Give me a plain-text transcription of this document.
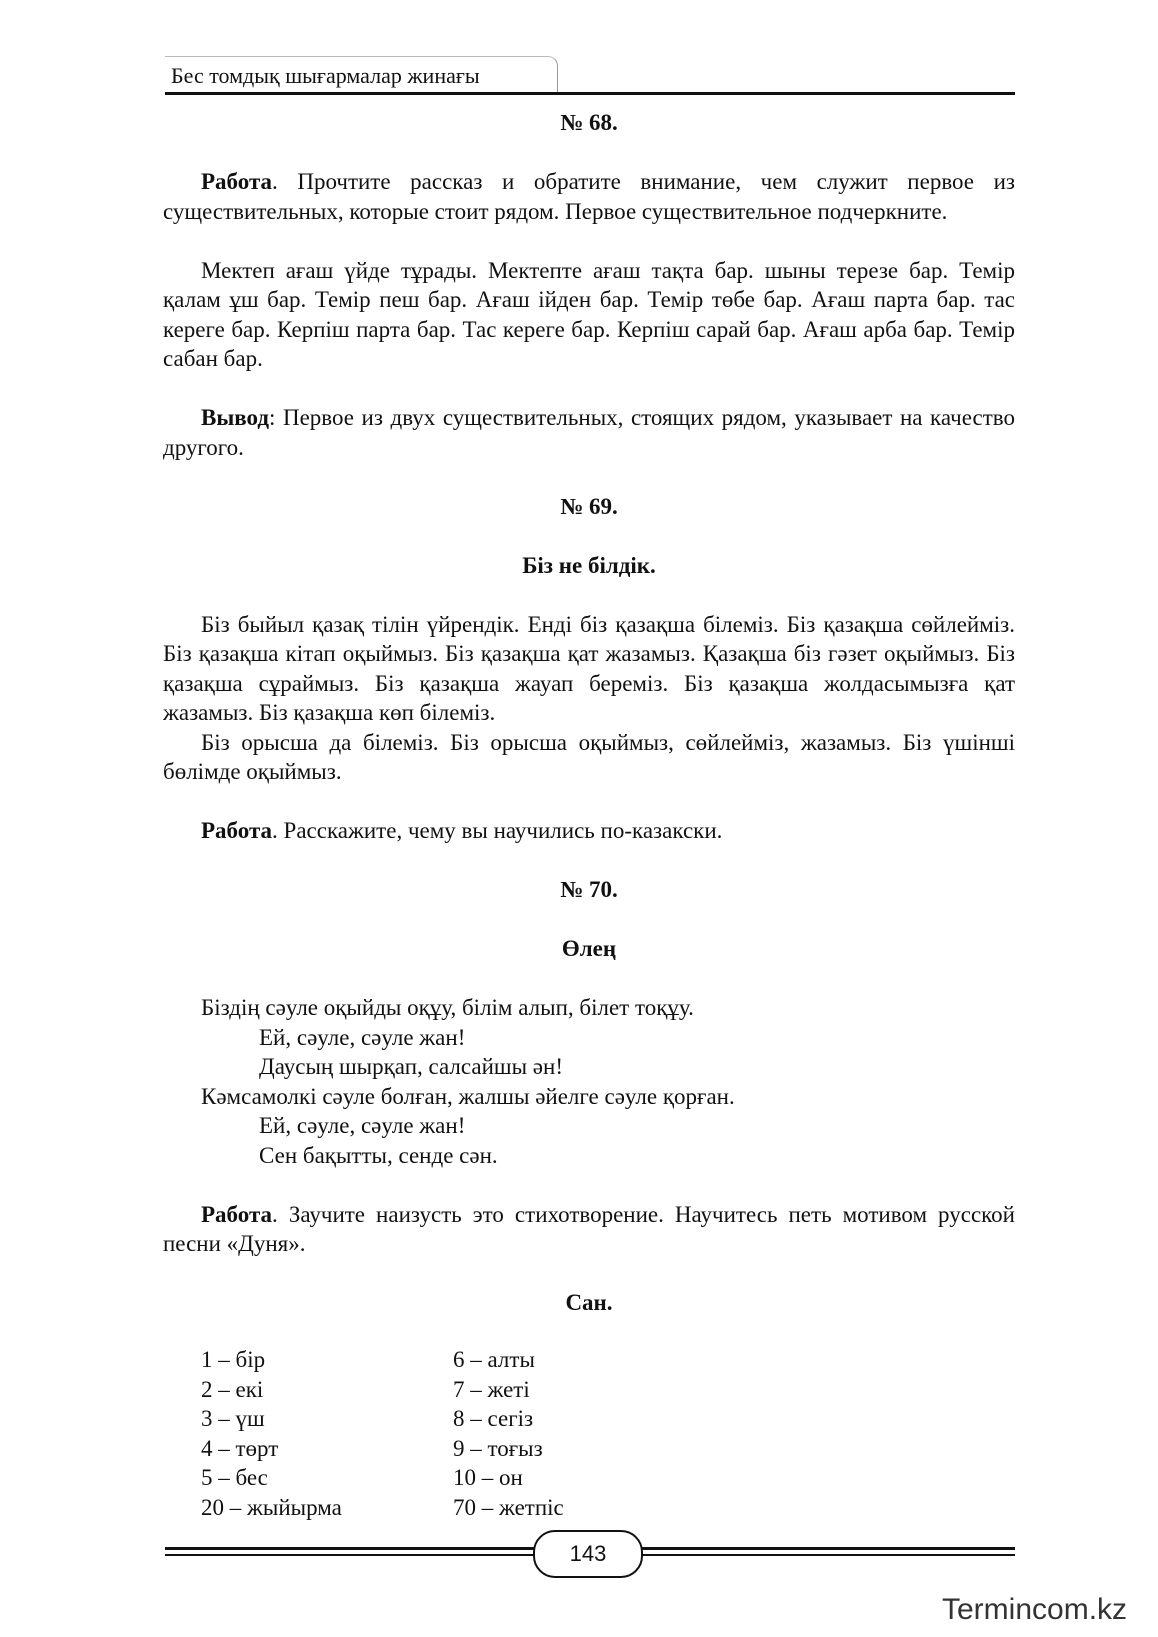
Бес томдық шығармалар жинағы
№ 68.

Работа. Прочтите рассказ и обратите внимание, чем служит первое из существительных, которые стоит рядом. Первое существительное подчеркните.

Мектеп ағаш үйде тұрады. Мектепте ағаш тақта бар. шыны терезе бар. Темір қалам ұш бар. Темір пеш бар. Ағаш ійден бар. Темір төбе бар. Ағаш парта бар. тас кереге бар. Керпіш парта бар. Тас кереге бар. Керпіш сарай бар. Ағаш арба бар. Темір сабан бар.

Вывод: Первое из двух существительных, стоящих рядом, указывает на качество другого.

№ 69.
Біз не білдік.

Біз быйыл қазақ тілін үйрендік. Енді біз қазақша білеміз. Біз қазақша сөйлейміз. Біз қазақша кітап оқыймыз. Біз қазақша қат жазамыз. Қазақша біз гәзет оқыймыз. Біз қазақша сұраймыз. Біз қазақша жауап береміз. Біз қазақша жолдасымызға қат жазамыз. Біз қазақша көп білеміз.

Біз орысша да білеміз. Біз орысша оқыймыз, сөйлейміз, жазамыз. Біз үшінші бөлімде оқыймыз.

Работа. Расскажите, чему вы научились по-казакски.

№ 70.
Өлең
Біздің сәуле оқыйды оқұу, білім алып, білет тоқұу.
Ей, сәуле, сәуле жан!
Даусың шырқап, салсайшы ән!
Кәмсамолкі сәуле болған, жалшы әйелге сәуле қорған.
Ей, сәуле, сәуле жан!
Сен бақытты, сенде сән.

Работа. Заучите наизусть это стихотворение. Научитесь петь мотивом русской песни «Дуня».

Сан.
1 – бір	6 – алты
2 – екі	7 – жеті
3 – үш	8 – сегіз
4 – төрт	9 – тоғыз
5 – бес	10 – он
20 – жыйырма	70 – жетпіс
143
Termincom.kz
